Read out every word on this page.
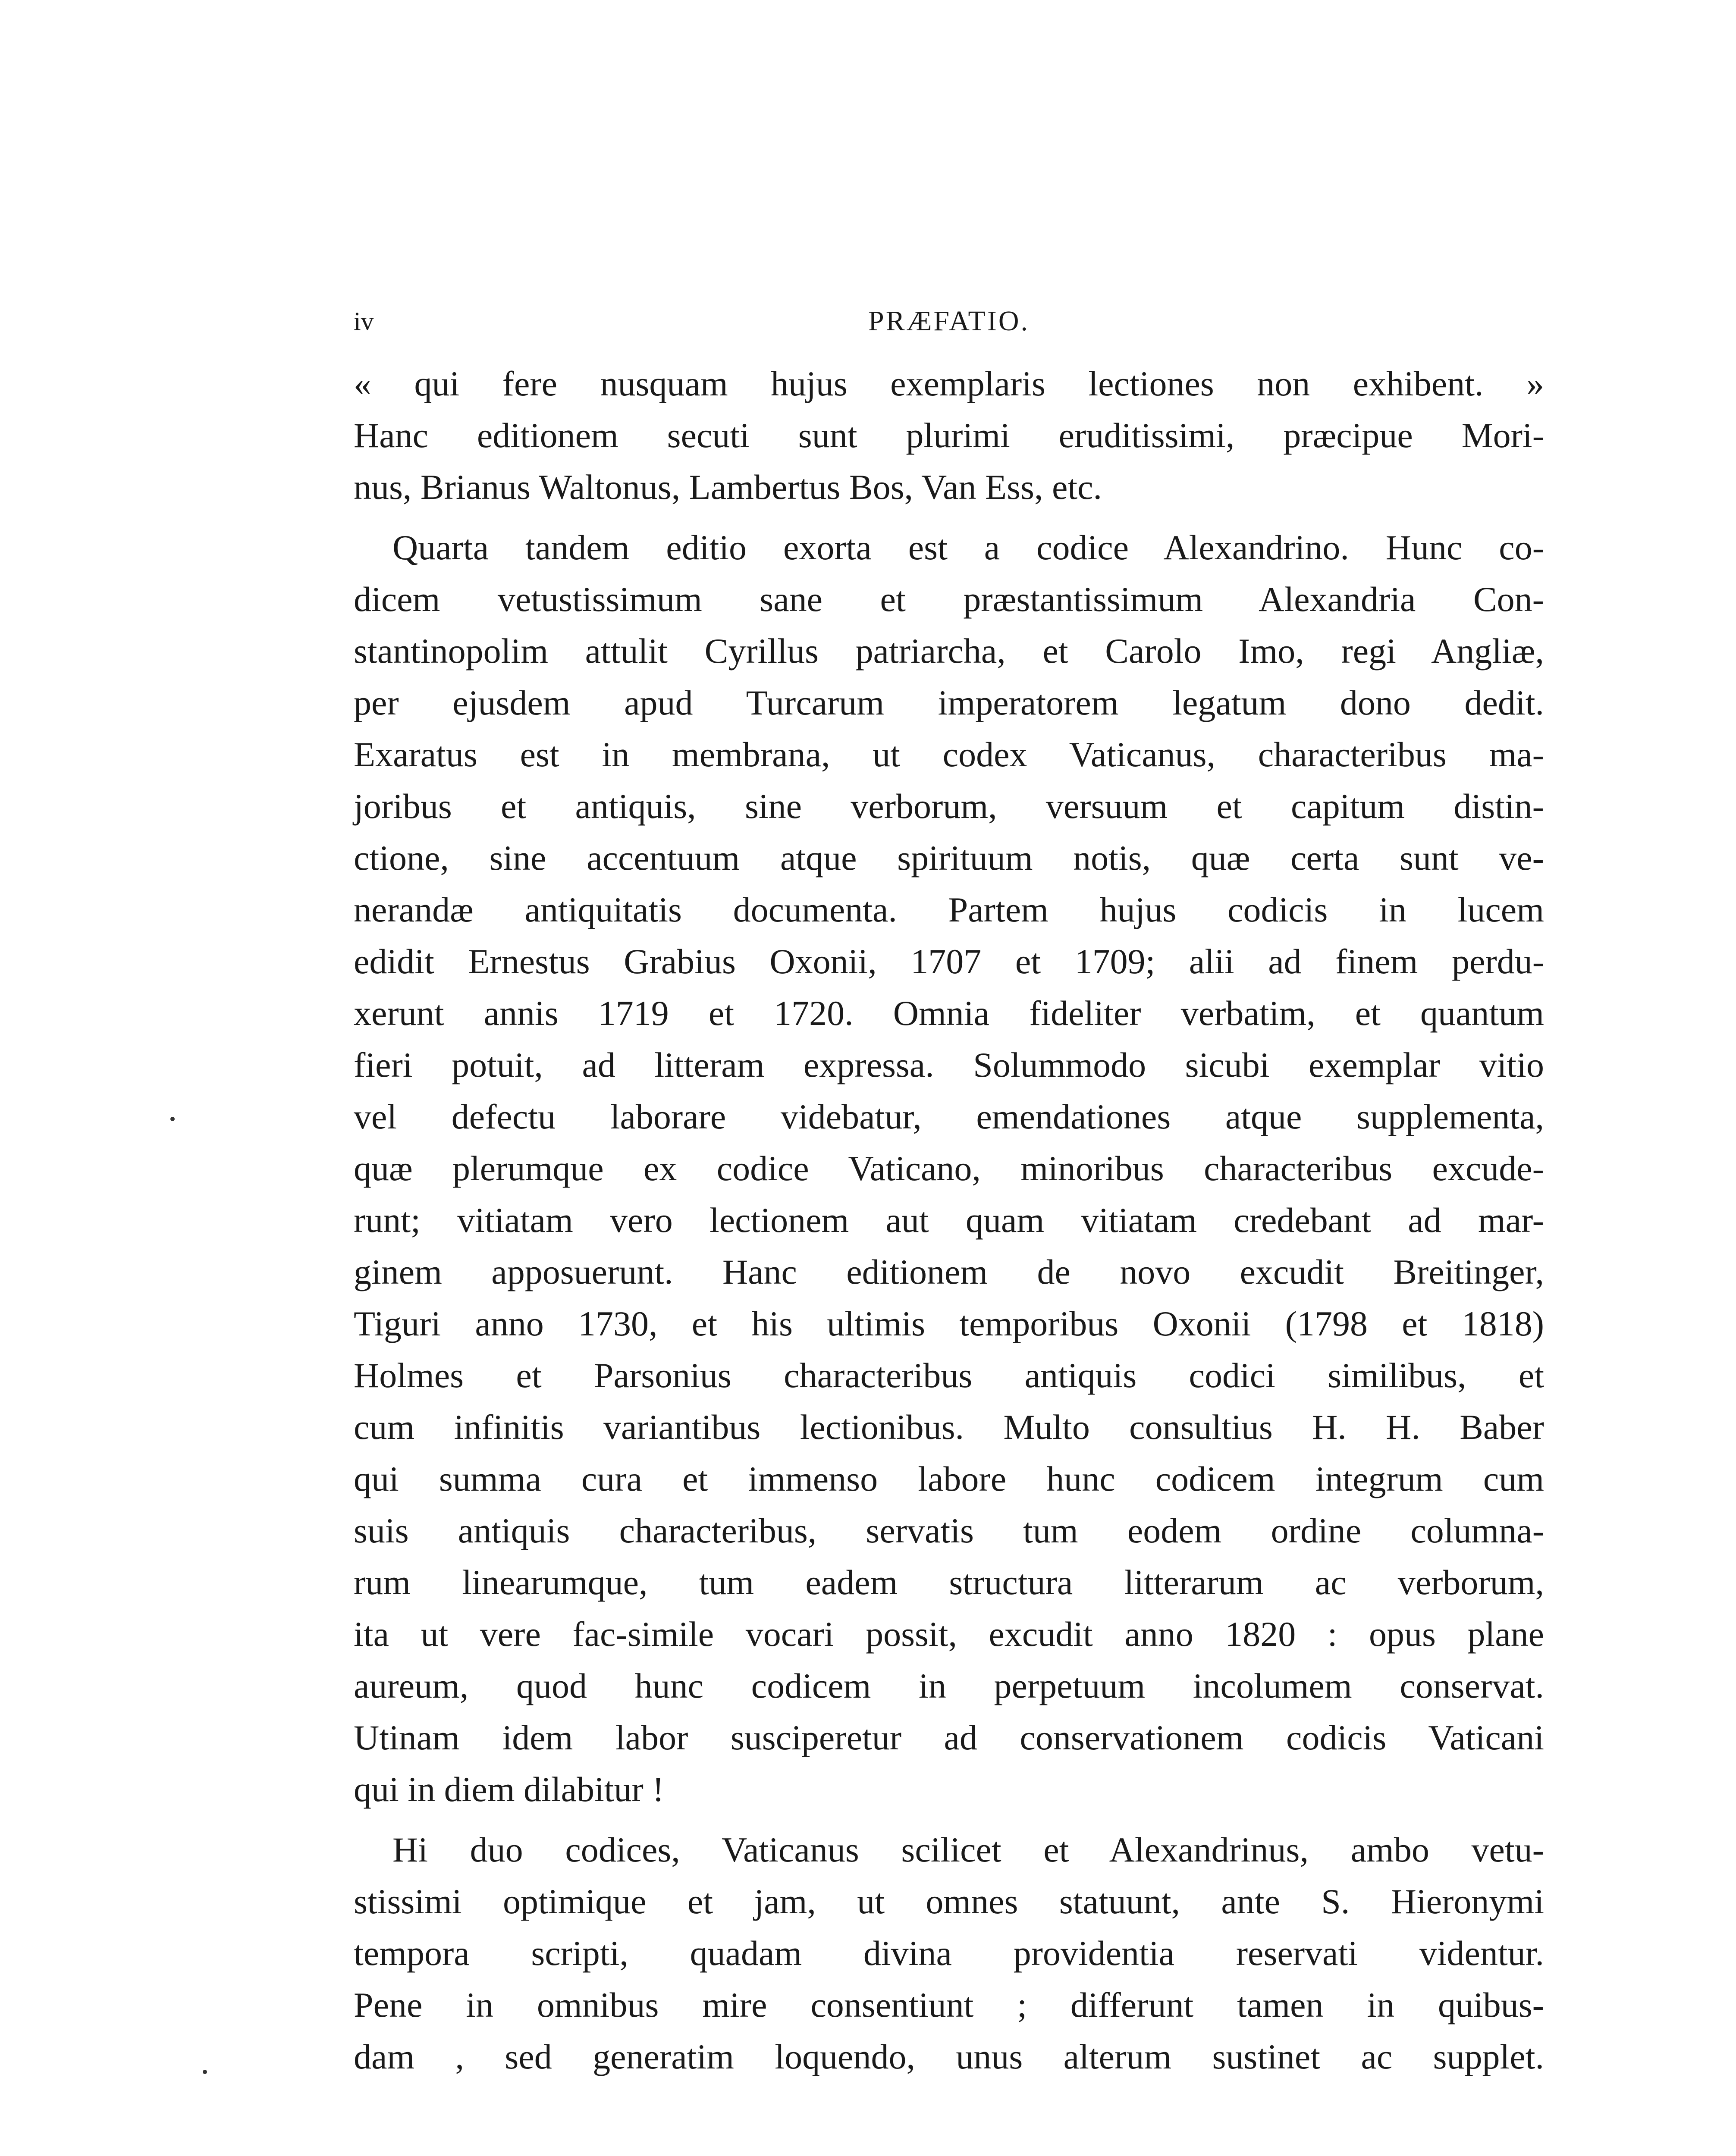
iv	PRÆFATIO.
« qui fere nusquam hujus exemplaris lectiones non exhibent. »
Hanc editionem secuti sunt plurimi eruditissimi, præcipue Mori-
nus, Brianus Waltonus, Lambertus Bos, Van Ess, etc.
Quarta tandem editio exorta est a codice Alexandrino. Hunc co-
dicem vetustissimum sane et præstantissimum Alexandria Con-
stantinopolim attulit Cyrillus patriarcha, et Carolo Imo, regi Angliæ,
per ejusdem apud Turcarum imperatorem legatum dono dedit.
Exaratus est in membrana, ut codex Vaticanus, characteribus ma-
joribus et antiquis, sine verborum, versuum et capitum distin-
ctione, sine accentuum atque spirituum notis, quæ certa sunt ve-
nerandæ antiquitatis documenta. Partem hujus codicis in lucem
edidit Ernestus Grabius Oxonii, 1707 et 1709; alii ad finem perdu-
xerunt annis 1719 et 1720. Omnia fideliter verbatim, et quantum
fieri potuit, ad litteram expressa. Solummodo sicubi exemplar vitio
vel defectu laborare videbatur, emendationes atque supplementa,
quæ plerumque ex codice Vaticano, minoribus characteribus excude-
runt; vitiatam vero lectionem aut quam vitiatam credebant ad mar-
ginem apposuerunt. Hanc editionem de novo excudit Breitinger,
Tiguri anno 1730, et his ultimis temporibus Oxonii (1798 et 1818)
Holmes et Parsonius characteribus antiquis codici similibus, et
cum infinitis variantibus lectionibus. Multo consultius H. H. Baber
qui summa cura et immenso labore hunc codicem integrum cum
suis antiquis characteribus, servatis tum eodem ordine columna-
rum linearumque, tum eadem structura litterarum ac verborum,
ita ut vere fac-simile vocari possit, excudit anno 1820 : opus plane
aureum, quod hunc codicem in perpetuum incolumem conservat.
Utinam idem labor susciperetur ad conservationem codicis Vaticani
qui in diem dilabitur !
Hi duo codices, Vaticanus scilicet et Alexandrinus, ambo vetu-
stissimi optimique et jam, ut omnes statuunt, ante S. Hieronymi
tempora scripti, quadam divina providentia reservati videntur.
Pene in omnibus mire consentiunt ; differunt tamen in quibus-
dam , sed generatim loquendo, unus alterum sustinet ac supplet.
